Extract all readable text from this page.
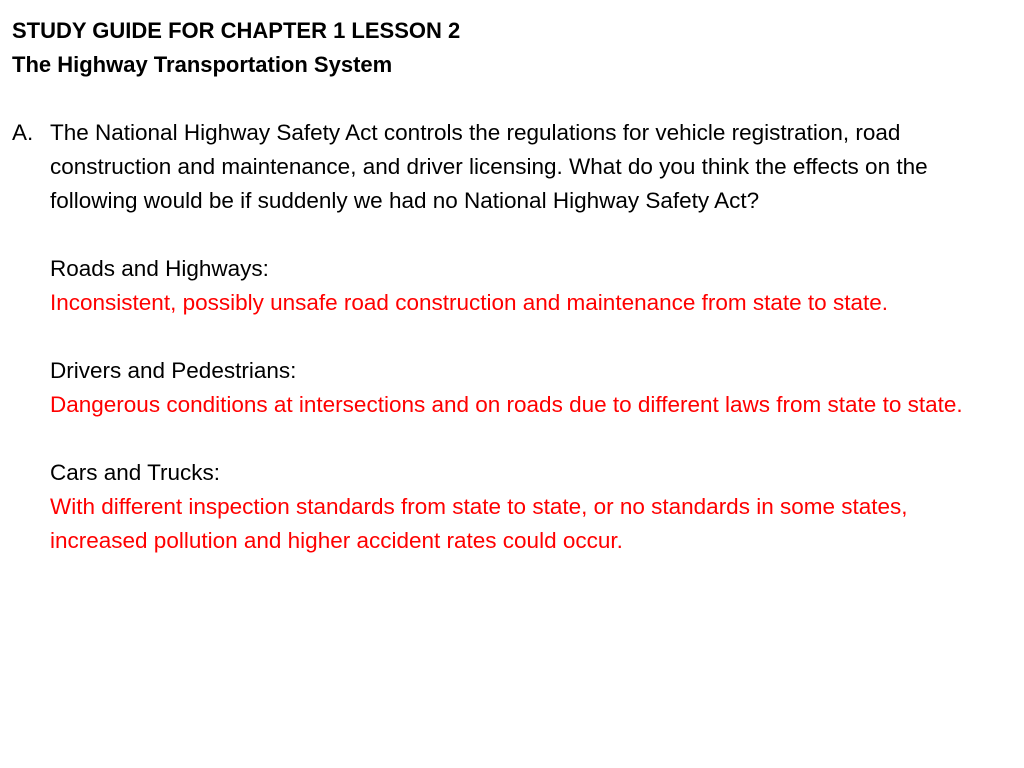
STUDY GUIDE FOR CHAPTER 1 LESSON 2
The Highway Transportation System
A. The National Highway Safety Act controls the regulations for vehicle registration, road construction and maintenance, and driver licensing. What do you think the effects on the following would be if suddenly we had no National Highway Safety Act?

Roads and Highways:
Inconsistent, possibly unsafe road construction and maintenance from state to state.
Drivers and Pedestrians:
Dangerous conditions at intersections and on roads due to different laws from state to state.
Cars and Trucks:
With different inspection standards from state to state, or no standards in some states, increased pollution and higher accident rates could occur.
